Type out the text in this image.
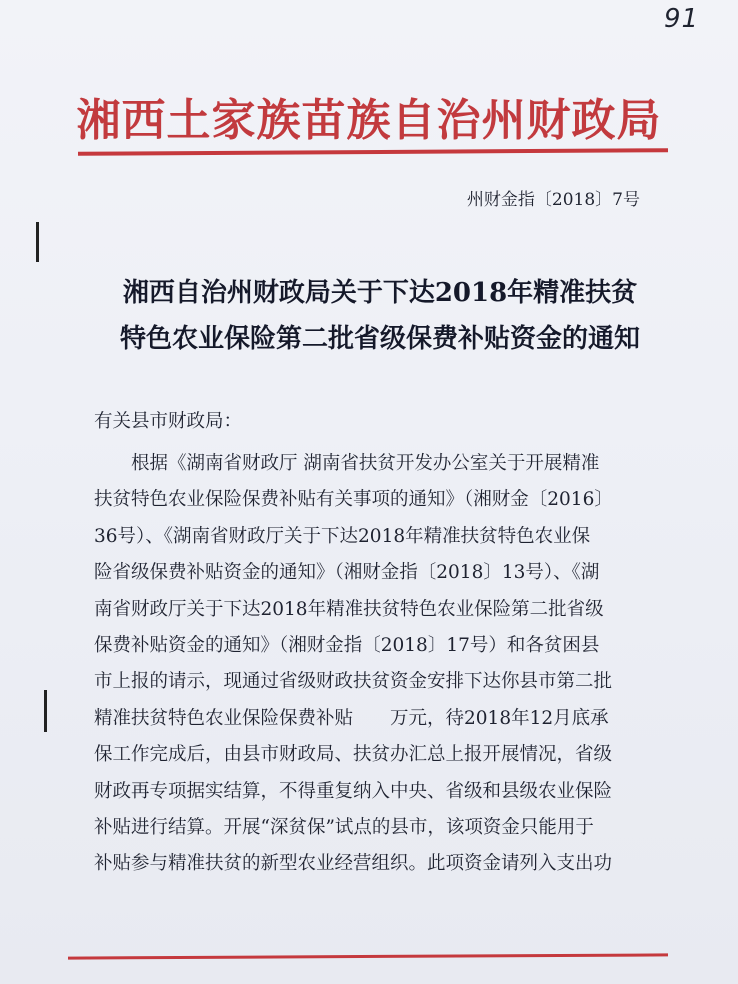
91
湘西土家族苗族自治州财政局
州财金指〔2018〕7号
湘西自治州财政局关于下达2018年精准扶贫
特色农业保险第二批省级保费补贴资金的通知
有关县市财政局：
根据《湖南省财政厅 湖南省扶贫开发办公室关于开展精准
扶贫特色农业保险保费补贴有关事项的通知》（湘财金〔2016〕
36号）、《湖南省财政厅关于下达2018年精准扶贫特色农业保
险省级保费补贴资金的通知》（湘财金指〔2018〕13号）、《湖
南省财政厅关于下达2018年精准扶贫特色农业保险第二批省级
保费补贴资金的通知》（湘财金指〔2018〕17号）和各贫困县
市上报的请示，现通过省级财政扶贫资金安排下达你县市第二批
精准扶贫特色农业保险保费补贴　　万元，待2018年12月底承
保工作完成后，由县市财政局、扶贫办汇总上报开展情况，省级
财政再专项据实结算，不得重复纳入中央、省级和县级农业保险
补贴进行结算。开展“深贫保”试点的县市，该项资金只能用于
补贴参与精准扶贫的新型农业经营组织。此项资金请列入支出功
